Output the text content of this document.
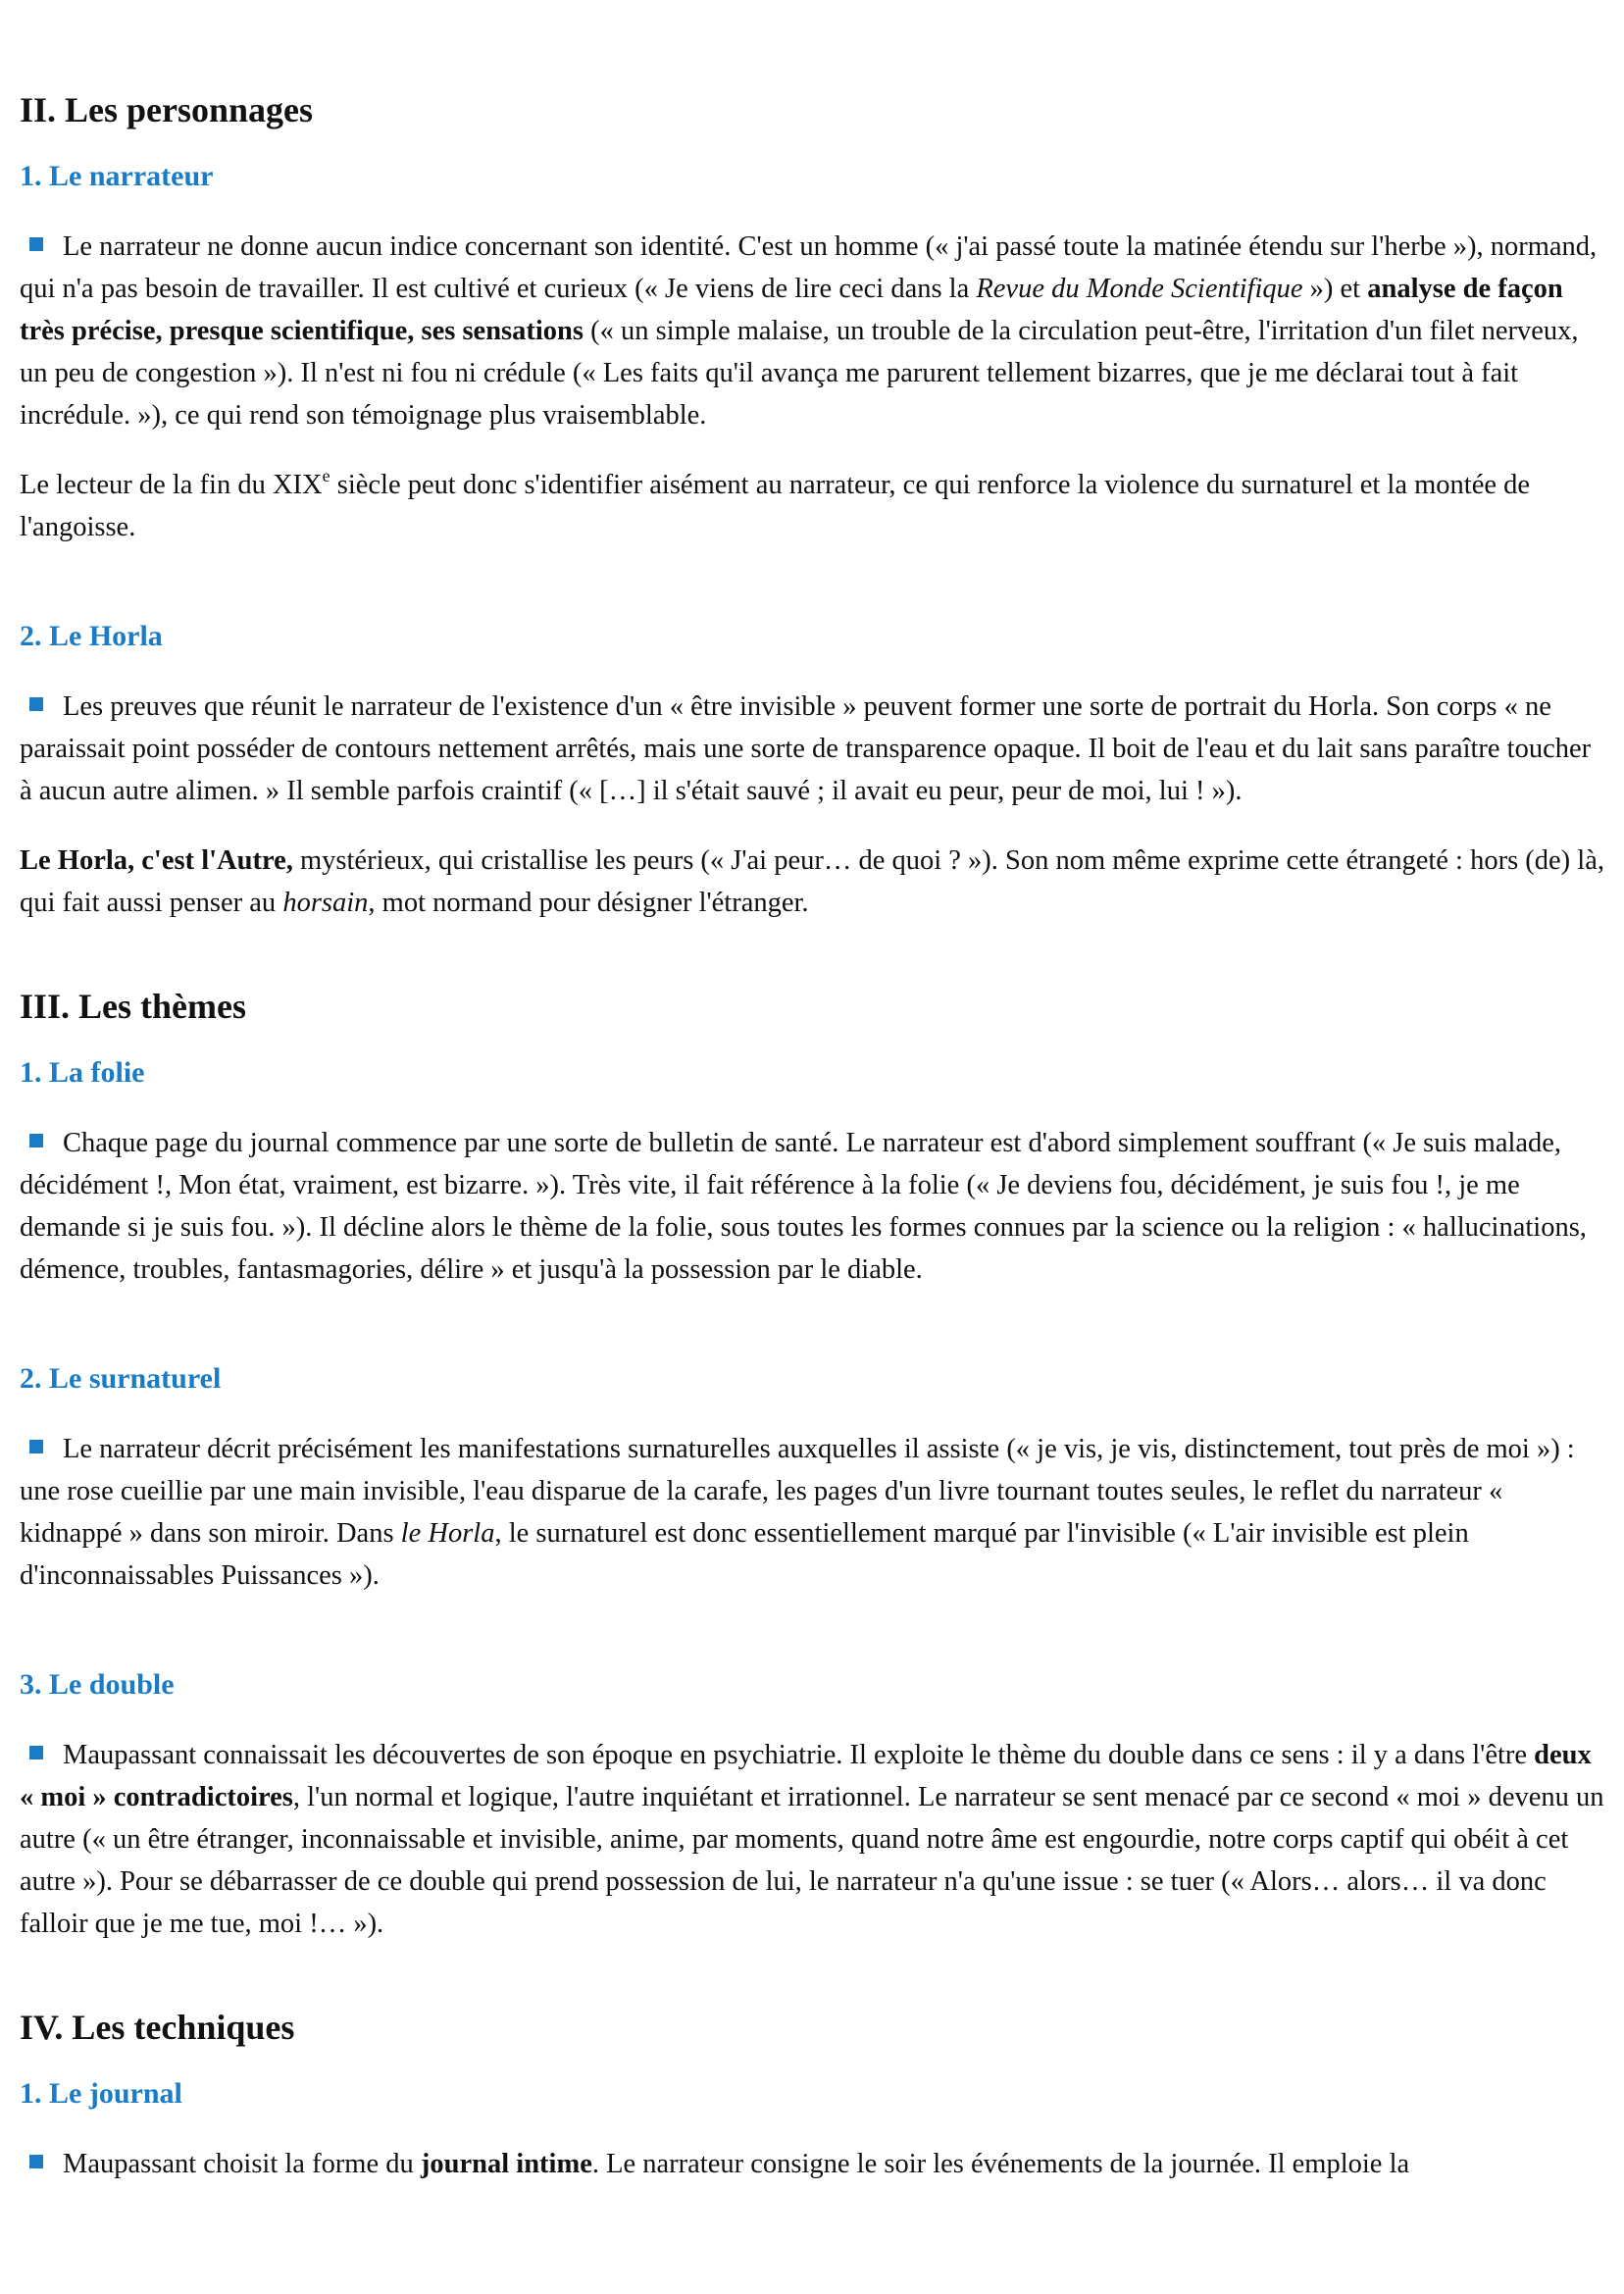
II. Les personnages
1. Le narrateur

Le narrateur ne donne aucun indice concernant son identité. C'est un homme (« j'ai passé toute la matinée étendu sur l'herbe »), normand, qui n'a pas besoin de travailler. Il est cultivé et curieux (« Je viens de lire ceci dans la Revue du Monde Scientifique ») et analyse de façon très précise, presque scientifique, ses sensations (« un simple malaise, un trouble de la circulation peut-être, l'irritation d'un filet nerveux, un peu de congestion »). Il n'est ni fou ni crédule (« Les faits qu'il avança me parurent tellement bizarres, que je me déclarai tout à fait incrédule. »), ce qui rend son témoignage plus vraisemblable.

Le lecteur de la fin du XIXe siècle peut donc s'identifier aisément au narrateur, ce qui renforce la violence du surnaturel et la montée de l'angoisse.

2. Le Horla

Les preuves que réunit le narrateur de l'existence d'un « être invisible » peuvent former une sorte de portrait du Horla. Son corps « ne paraissait point posséder de contours nettement arrêtés, mais une sorte de transparence opaque. Il boit de l'eau et du lait sans paraître toucher à aucun autre alimen. » Il semble parfois craintif (« […] il s'était sauvé ; il avait eu peur, peur de moi, lui ! »).

Le Horla, c'est l'Autre, mystérieux, qui cristallise les peurs (« J'ai peur… de quoi ? »). Son nom même exprime cette étrangeté : hors (de) là, qui fait aussi penser au horsain, mot normand pour désigner l'étranger.

III. Les thèmes
1. La folie

Chaque page du journal commence par une sorte de bulletin de santé. Le narrateur est d'abord simplement souffrant (« Je suis malade, décidément !, Mon état, vraiment, est bizarre. »). Très vite, il fait référence à la folie (« Je deviens fou, décidément, je suis fou !, je me demande si je suis fou. »). Il décline alors le thème de la folie, sous toutes les formes connues par la science ou la religion : « hallucinations, démence, troubles, fantasmagories, délire » et jusqu'à la possession par le diable.

2. Le surnaturel

Le narrateur décrit précisément les manifestations surnaturelles auxquelles il assiste (« je vis, je vis, distinctement, tout près de moi ») : une rose cueillie par une main invisible, l'eau disparue de la carafe, les pages d'un livre tournant toutes seules, le reflet du narrateur « kidnappé » dans son miroir. Dans le Horla, le surnaturel est donc essentiellement marqué par l'invisible (« L'air invisible est plein d'inconnaissables Puissances »).

3. Le double

Maupassant connaissait les découvertes de son époque en psychiatrie. Il exploite le thème du double dans ce sens : il y a dans l'être deux « moi » contradictoires, l'un normal et logique, l'autre inquiétant et irrationnel. Le narrateur se sent menacé par ce second « moi » devenu un autre (« un être étranger, inconnaissable et invisible, anime, par moments, quand notre âme est engourdie, notre corps captif qui obéit à cet autre »). Pour se débarrasser de ce double qui prend possession de lui, le narrateur n'a qu'une issue : se tuer (« Alors… alors… il va donc falloir que je me tue, moi !… »).

IV. Les techniques
1. Le journal

Maupassant choisit la forme du journal intime. Le narrateur consigne le soir les événements de la journée. Il emploie la
